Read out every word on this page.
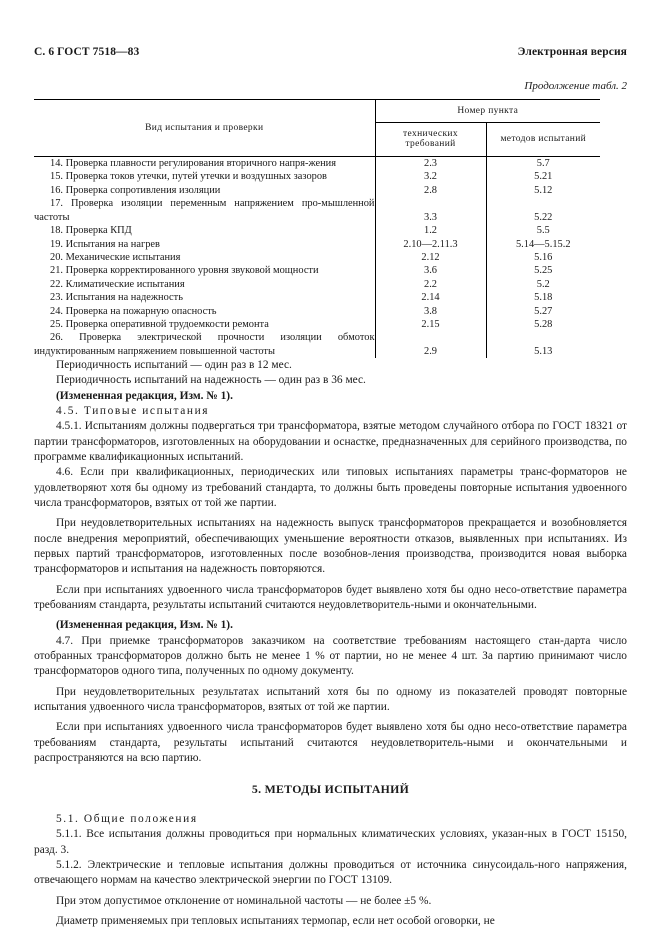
С. 6 ГОСТ 7518—83	Электронная версия
Продолжение табл. 2
Вид испытания и проверки	Номер пункта	
	технических требований	методов испытаний

14. Проверка плавности регулирования вторичного напря-жения	2.3	5.7

15. Проверка токов утечки, путей утечки и воздушных зазоров	3.2	5.21

16. Проверка сопротивления изоляции	2.8	5.12

17. Проверка изоляции переменным напряжением про-мышленной частоты	3.3	5.22

18. Проверка КПД	1.2	5.5

19. Испытания на нагрев	2.10—2.11.3	5.14—5.15.2

20. Механические испытания	2.12	5.16

21. Проверка корректированного уровня звуковой мощности	3.6	5.25

22. Климатические испытания	2.2	5.2

23. Испытания на надежность	2.14	5.18

24. Проверка на пожарную опасность	3.8	5.27

25. Проверка оперативной трудоемкости ремонта	2.15	5.28

26. Проверка электрической прочности изоляции обмоток индуктированным напряжением повышенной частоты	2.9	5.13

Периодичность испытаний — один раз в 12 мес.

Периодичность испытаний на надежность — один раз в 36 мес.

(Измененная редакция, Изм. № 1).

4.5. Типовые испытания

4.5.1. Испытаниям должны подвергаться три трансформатора, взятые методом случайного отбора по ГОСТ 18321 от партии трансформаторов, изготовленных на оборудовании и оснастке, предназначенных для серийного производства, по программе квалификационных испытаний.

4.6. Если при квалификационных, периодических или типовых испытаниях параметры транс-форматоров не удовлетворяют хотя бы одному из требований стандарта, то должны быть проведены повторные испытания удвоенного числа трансформаторов, взятых от той же партии.

При неудовлетворительных испытаниях на надежность выпуск трансформаторов прекращается и возобновляется после внедрения мероприятий, обеспечивающих уменьшение вероятности отказов, выявленных при испытаниях. Из первых партий трансформаторов, изготовленных после возобнов-ления производства, производится новая выборка трансформаторов и испытания на надежность повторяются.

Если при испытаниях удвоенного числа трансформаторов будет выявлено хотя бы одно несо-ответствие параметра требованиям стандарта, результаты испытаний считаются неудовлетворитель-ными и окончательными.

(Измененная редакция, Изм. № 1).

4.7. При приемке трансформаторов заказчиком на соответствие требованиям настоящего стан-дарта число отобранных трансформаторов должно быть не менее 1 % от партии, но не менее 4 шт. За партию принимают число трансформаторов одного типа, полученных по одному документу.

При неудовлетворительных результатах испытаний хотя бы по одному из показателей проводят повторные испытания удвоенного числа трансформаторов, взятых от той же партии.

Если при испытаниях удвоенного числа трансформаторов будет выявлено хотя бы одно несо-ответствие параметра требованиям стандарта, результаты испытаний считаются неудовлетворитель-ными и окончательными и распространяются на всю партию.

5. МЕТОДЫ ИСПЫТАНИЙ

5.1. Общие положения

5.1.1. Все испытания должны проводиться при нормальных климатических условиях, указан-ных в ГОСТ 15150, разд. 3.

5.1.2. Электрические и тепловые испытания должны проводиться от источника синусоидаль-ного напряжения, отвечающего нормам на качество электрической энергии по ГОСТ 13109.

При этом допустимое отклонение от номинальной частоты — не более ±5 %.

Диаметр применяемых при тепловых испытаниях термопар, если нет особой оговорки, не
